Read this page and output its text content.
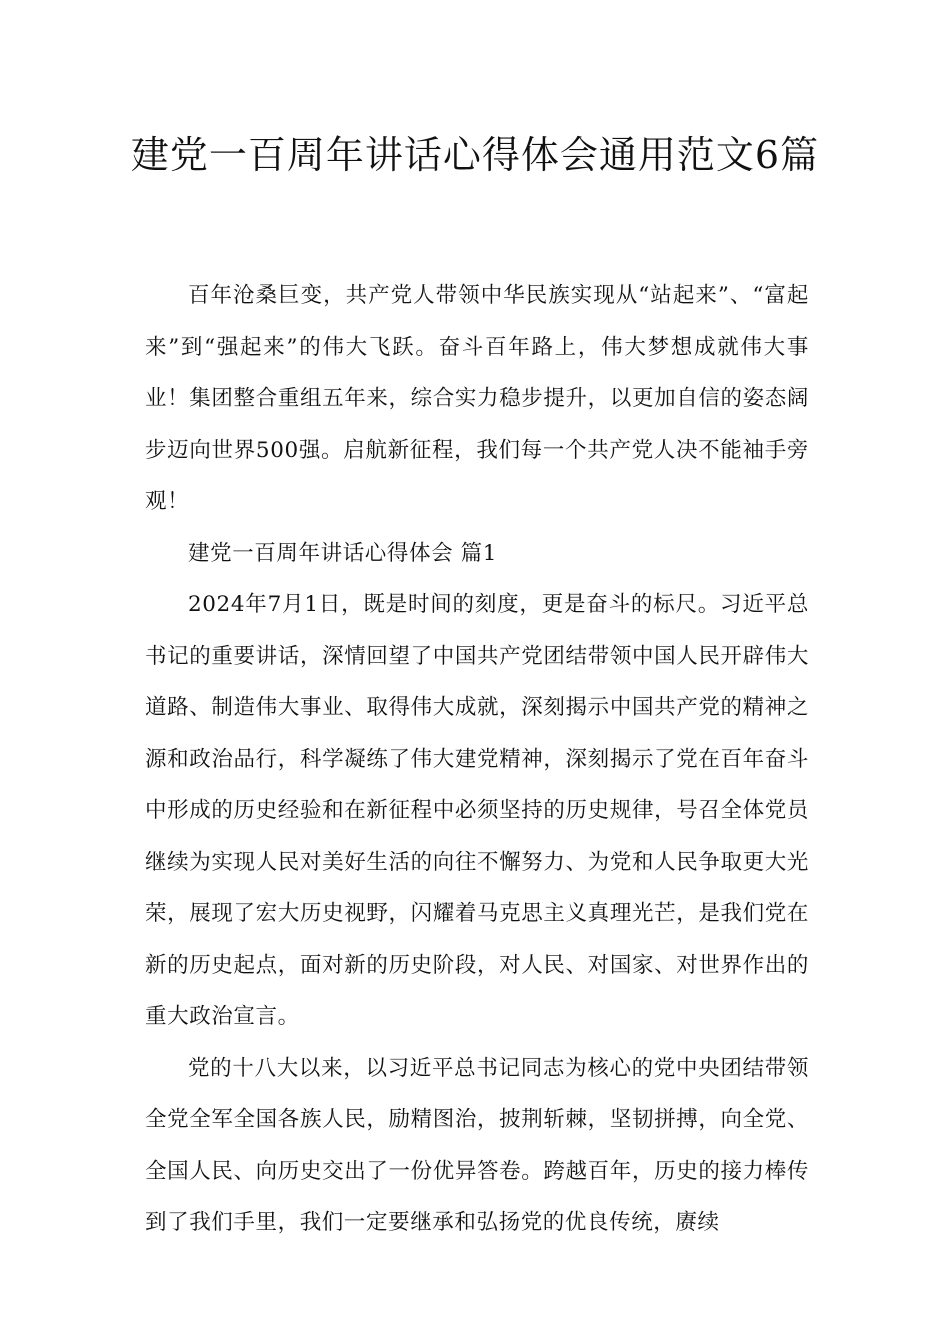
建党一百周年讲话心得体会通用范文6篇

百年沧桑巨变，共产党人带领中华民族实现从“站起来”、“富起来”到“强起来”的伟大飞跃。奋斗百年路上，伟大梦想成就伟大事业！集团整合重组五年来，综合实力稳步提升，以更加自信的姿态阔步迈向世界500强。启航新征程，我们每一个共产党人决不能袖手旁观！

建党一百周年讲话心得体会 篇1

2024年7月1日，既是时间的刻度，更是奋斗的标尺。习近平总书记的重要讲话，深情回望了中国共产党团结带领中国人民开辟伟大道路、制造伟大事业、取得伟大成就，深刻揭示中国共产党的精神之源和政治品行，科学凝练了伟大建党精神，深刻揭示了党在百年奋斗中形成的历史经验和在新征程中必须坚持的历史规律，号召全体党员继续为实现人民对美好生活的向往不懈努力、为党和人民争取更大光荣，展现了宏大历史视野，闪耀着马克思主义真理光芒，是我们党在新的历史起点，面对新的历史阶段，对人民、对国家、对世界作出的重大政治宣言。

党的十八大以来，以习近平总书记同志为核心的党中央团结带领全党全军全国各族人民，励精图治，披荆斩棘，坚韧拼搏，向全党、全国人民、向历史交出了一份优异答卷。跨越百年，历史的接力棒传到了我们手里，我们一定要继承和弘扬党的优良传统，赓续
